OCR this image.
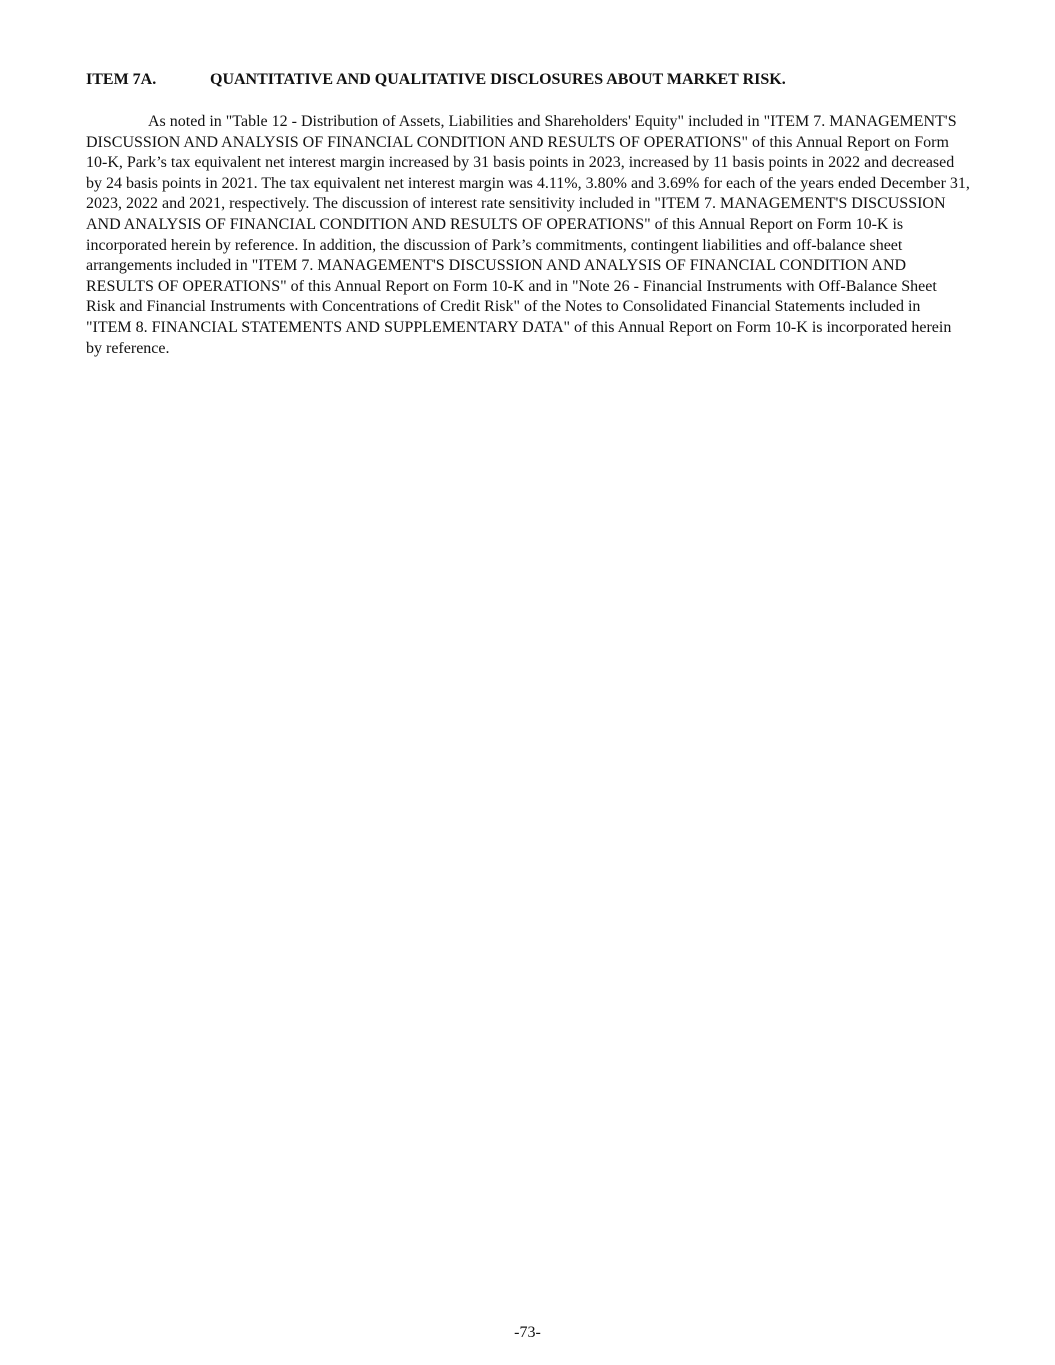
ITEM 7A.	QUANTITATIVE AND QUALITATIVE DISCLOSURES ABOUT MARKET RISK.

As noted in "Table 12 - Distribution of Assets, Liabilities and Shareholders' Equity" included in "ITEM 7. MANAGEMENT'S DISCUSSION AND ANALYSIS OF FINANCIAL CONDITION AND RESULTS OF OPERATIONS" of this Annual Report on Form 10-K, Park’s tax equivalent net interest margin increased by 31 basis points in 2023, increased by 11 basis points in 2022 and decreased by 24 basis points in 2021. The tax equivalent net interest margin was 4.11%, 3.80% and 3.69% for each of the years ended December 31, 2023, 2022 and 2021, respectively. The discussion of interest rate sensitivity included in "ITEM 7. MANAGEMENT'S DISCUSSION AND ANALYSIS OF FINANCIAL CONDITION AND RESULTS OF OPERATIONS" of this Annual Report on Form 10-K is incorporated herein by reference. In addition, the discussion of Park’s commitments, contingent liabilities and off-balance sheet arrangements included in "ITEM 7. MANAGEMENT'S DISCUSSION AND ANALYSIS OF FINANCIAL CONDITION AND RESULTS OF OPERATIONS" of this Annual Report on Form 10-K and in "Note 26 - Financial Instruments with Off-Balance Sheet Risk and Financial Instruments with Concentrations of Credit Risk" of the Notes to Consolidated Financial Statements included in "ITEM 8. FINANCIAL STATEMENTS AND SUPPLEMENTARY DATA" of this Annual Report on Form 10-K is incorporated herein by reference.

-73-
